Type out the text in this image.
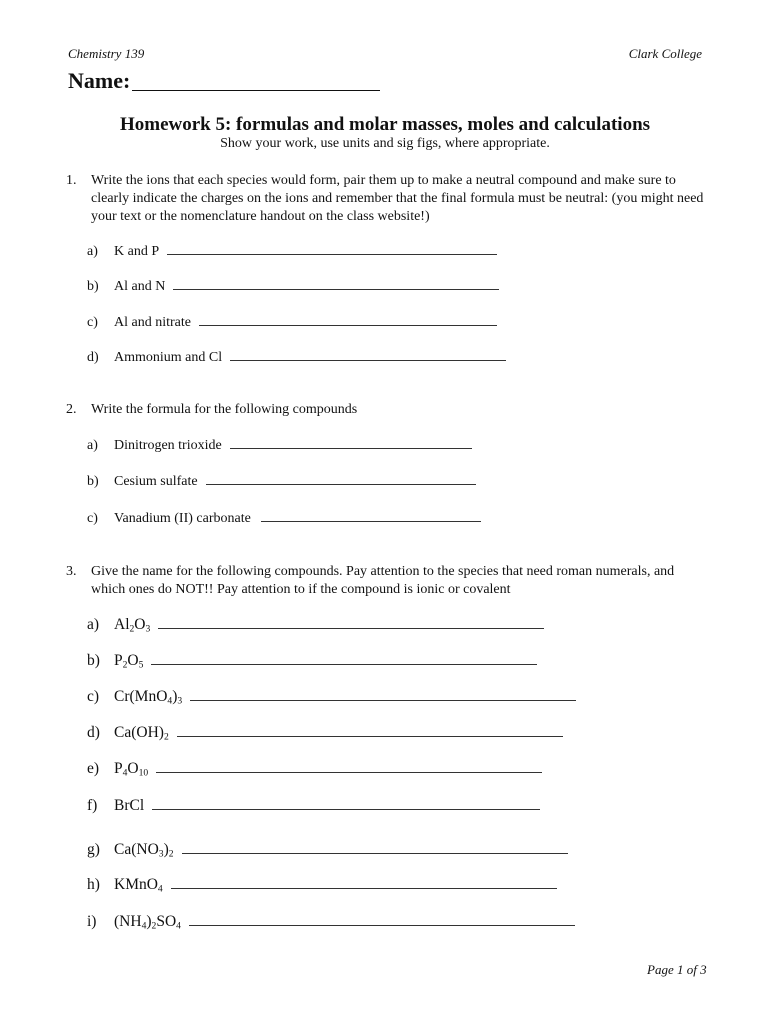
Chemistry 139	Clark College
Name:
Homework 5: formulas and molar masses, moles and calculations
Show your work, use units and sig figs, where appropriate.
1. Write the ions that each species would form, pair them up to make a neutral compound and make sure to clearly indicate the charges on the ions and remember that the final formula must be neutral: (you might need your text or the nomenclature handout on the class website!)
a)	K and P
b)	Al and N
c)	Al and nitrate
d)	Ammonium and Cl
2. Write the formula for the following compounds
a)	Dinitrogen trioxide
b)	Cesium sulfate
c)	Vanadium (II) carbonate
3. Give the name for the following compounds. Pay attention to the species that need roman numerals, and which ones do NOT!! Pay attention to if the compound is ionic or covalent
a) $Al_2O_3$
b) $P_2O_5$
c) $Cr(MnO_4)_3$
d) $Ca(OH)_2$
e) $P_4O_{10}$
f)	BrCl
g) $Ca(NO_3)_2$
h) KMnO$_4$
i)	$(NH_4)_2SO_4$
Page 1 of 3
